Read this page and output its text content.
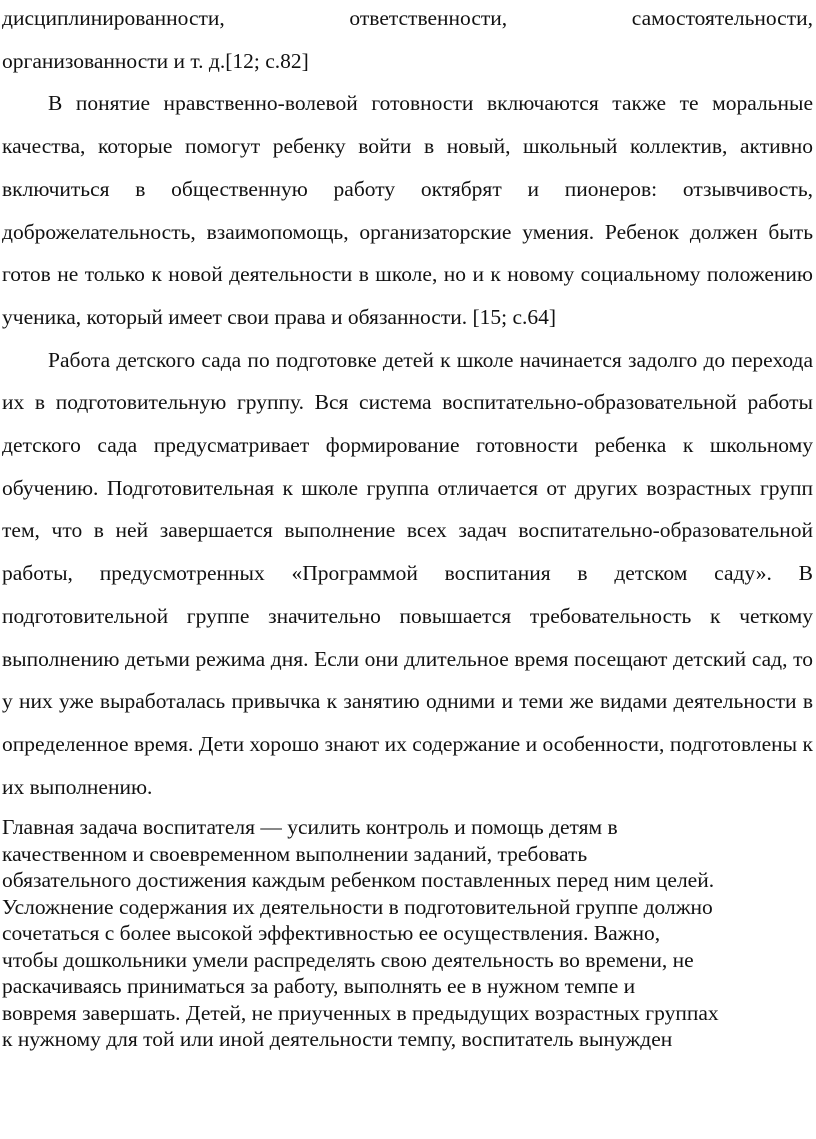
дисциплинированности, ответственности, самостоятельности,

организованности и т. д.[12; с.82]

В понятие нравственно-волевой готовности включаются также те моральные качества, которые помогут ребенку войти в новый, школьный коллектив, активно включиться в общественную работу октябрят и пионеров: отзывчивость, доброжелательность, взаимопомощь, организаторские умения. Ребенок должен быть готов не только к новой деятельности в школе, но и к новому социальному положению ученика, который имеет свои права и обязанности. [15; с.64]

Работа детского сада по подготовке детей к школе начинается задолго до перехода их в подготовительную группу. Вся система воспитательно-образовательной работы детского сада предусматривает формирование готовности ребенка к школьному обучению. Подготовительная к школе группа отличается от других возрастных групп тем, что в ней завершается выполнение всех задач воспитательно-образовательной работы, предусмотренных «Программой воспитания в детском саду». В подготовительной группе значительно повышается требовательность к четкому выполнению детьми режима дня. Если они длительное время посещают детский сад, то у них уже выработалась привычка к занятию одними и теми же видами деятельности в определенное время. Дети хорошо знают их содержание и особенности, подготовлены к их выполнению.

Главная задача воспитателя — усилить контроль и помощь детям в
качественном и своевременном выполнении заданий, требовать
обязательного достижения каждым ребенком поставленных перед ним целей.
Усложнение содержания их деятельности в подготовительной группе должно
сочетаться с более высокой эффективностью ее осуществления. Важно,
чтобы дошкольники умели распределять свою деятельность во времени, не
раскачиваясь приниматься за работу, выполнять ее в нужном темпе и
вовремя завершать. Детей, не приученных в предыдущих возрастных группах
к нужному для той или иной деятельности темпу, воспитатель вынужден
